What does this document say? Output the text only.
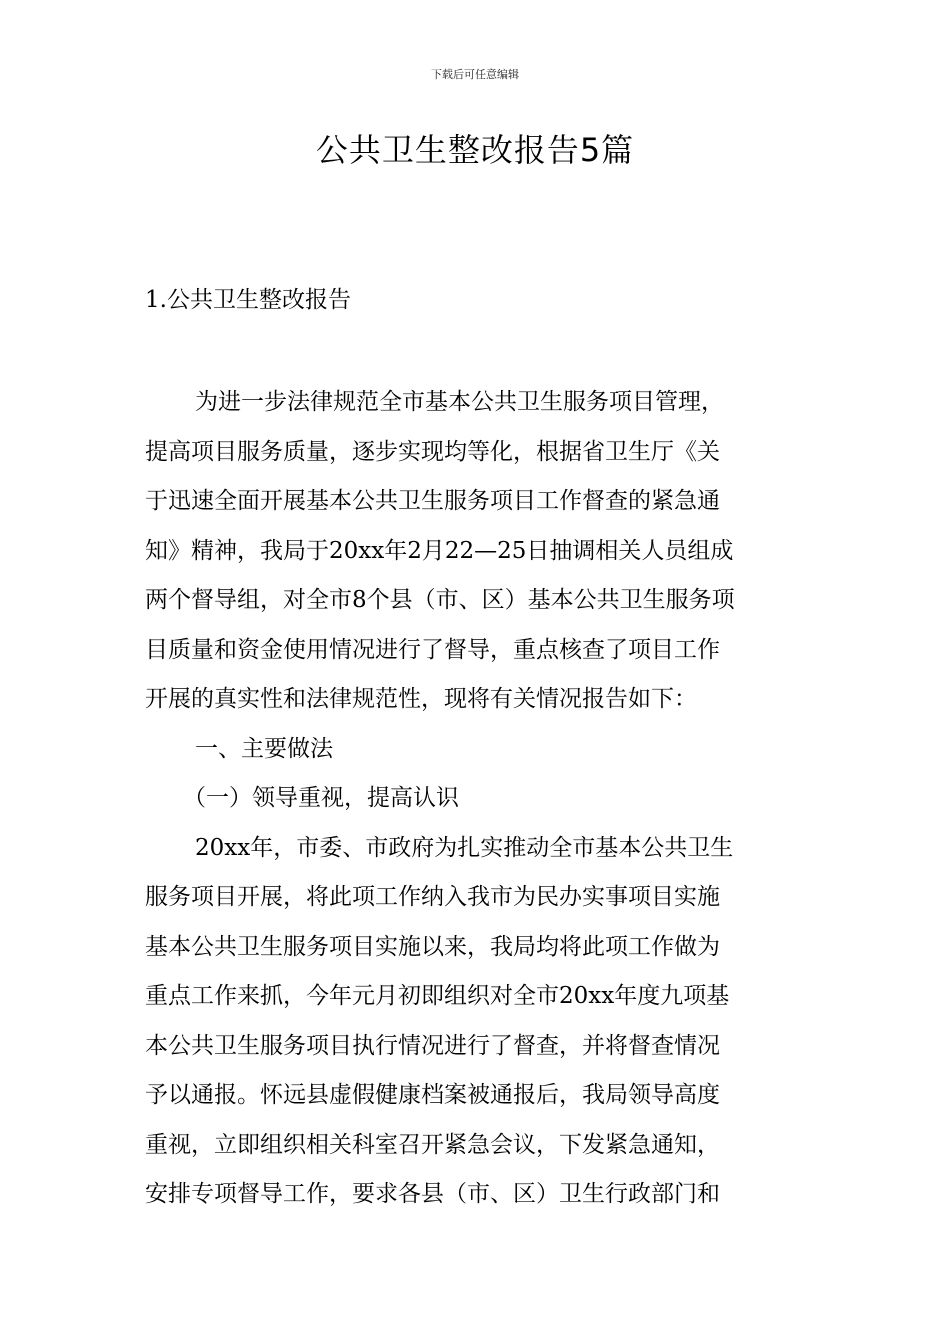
下载后可任意编辑
公共卫生整改报告5篇
1.公共卫生整改报告
为进一步法律规范全市基本公共卫生服务项目管理，
提高项目服务质量，逐步实现均等化，根据省卫生厅《关
于迅速全面开展基本公共卫生服务项目工作督查的紧急通
知》精神，我局于20xx年2月22—25日抽调相关人员组成
两个督导组，对全市8个县（市、区）基本公共卫生服务项
目质量和资金使用情况进行了督导，重点核查了项目工作
开展的真实性和法律规范性，现将有关情况报告如下：
一、主要做法
（一）领导重视，提高认识
20xx年，市委、市政府为扎实推动全市基本公共卫生
服务项目开展，将此项工作纳入我市为民办实事项目实施
基本公共卫生服务项目实施以来，我局均将此项工作做为
重点工作来抓，今年元月初即组织对全市20xx年度九项基
本公共卫生服务项目执行情况进行了督查，并将督查情况
予以通报。怀远县虚假健康档案被通报后，我局领导高度
重视，立即组织相关科室召开紧急会议，下发紧急通知，
安排专项督导工作，要求各县（市、区）卫生行政部门和
